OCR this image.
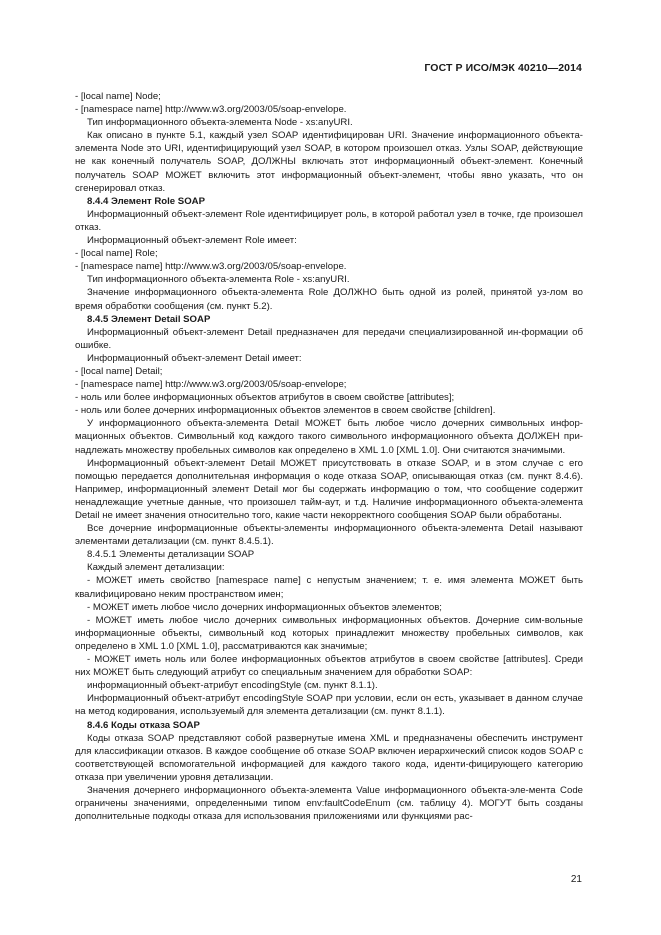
ГОСТ Р ИСО/МЭК 40210—2014

- [local name] Node;

- [namespace name] http://www.w3.org/2003/05/soap-envelope.

Тип информационного объекта-элемента Node - xs:anyURI.

Как описано в пункте 5.1, каждый узел SOAP идентифицирован URI. Значение информационного объекта-элемента Node это URI, идентифицирующий узел SOAP, в котором произошел отказ. Узлы SOAP, действующие не как конечный получатель SOAP, ДОЛЖНЫ включать этот информационный объект-элемент. Конечный получатель SOAP МОЖЕТ включить этот информационный объект-элемент, чтобы явно указать, что он сгенерировал отказ.

8.4.4 Элемент Role SOAP

Информационный объект-элемент Role идентифицирует роль, в которой работал узел в точке, где произошел отказ.

Информационный объект-элемент Role имеет:

- [local name] Role;

- [namespace name] http://www.w3.org/2003/05/soap-envelope.

Тип информационного объекта-элемента Role - xs:anyURI.

Значение информационного объекта-элемента Role ДОЛЖНО быть одной из ролей, принятой уз-лом во время обработки сообщения (см. пункт 5.2).

8.4.5 Элемент Detail SOAP

Информационный объект-элемент Detail предназначен для передачи специализированной ин-формации об ошибке.

Информационный объект-элемент Detail имеет:

- [local name] Detail;

- [namespace name] http://www.w3.org/2003/05/soap-envelope;

- ноль или более информационных объектов атрибутов в своем свойстве [attributes];

- ноль или более дочерних информационных объектов элементов в своем свойстве [children].

У информационного объекта-элемента Detail МОЖЕТ быть любое число дочерних символьных инфор-мационных объектов. Символьный код каждого такого символьного информационного объекта ДОЛЖЕН при-надлежать множеству пробельных символов как определено в XML 1.0 [XML 1.0]. Они считаются значимыми.

Информационный объект-элемент Detail МОЖЕТ присутствовать в отказе SOAP, и в этом случае с его помощью передается дополнительная информация о коде отказа SOAP, описывающая отказ (см. пункт 8.4.6). Например, информационный элемент Detail мог бы содержать информацию о том, что сообщение содержит ненадлежащие учетные данные, что произошел тайм-аут, и т.д. Наличие информационного объекта-элемента Detail не имеет значения относительно того, какие части некорректного сообщения SOAP были обработаны.

Все дочерние информационные объекты-элементы информационного объекта-элемента Detail называют элементами детализации (см. пункт 8.4.5.1).

8.4.5.1 Элементы детализации SOAP

Каждый элемент детализации:

- МОЖЕТ иметь свойство [namespace name] с непустым значением; т. е. имя элемента МОЖЕТ быть квалифицировано неким пространством имен;

- МОЖЕТ иметь любое число дочерних информационных объектов элементов;

- МОЖЕТ иметь любое число дочерних символьных информационных объектов. Дочерние сим-вольные информационные объекты, символьный код которых принадлежит множеству пробельных символов, как определено в XML 1.0 [XML 1.0], рассматриваются как значимые;

- МОЖЕТ иметь ноль или более информационных объектов атрибутов в своем свойстве [attributes]. Среди них МОЖЕТ быть следующий атрибут со специальным значением для обработки SOAP:

информационный объект-атрибут encodingStyle (см. пункт 8.1.1).

Информационный объект-атрибут encodingStyle SOAP при условии, если он есть, указывает в данном случае на метод кодирования, используемый для элемента детализации (см. пункт 8.1.1).

8.4.6 Коды отказа SOAP

Коды отказа SOAP представляют собой развернутые имена XML и предназначены обеспечить инструмент для классификации отказов. В каждое сообщение об отказе SOAP включен иерархический список кодов SOAP с соответствующей вспомогательной информацией для каждого такого кода, иденти-фицирующего категорию отказа при увеличении уровня детализации.

Значения дочернего информационного объекта-элемента Value информационного объекта-эле-мента Code ограничены значениями, определенными типом env:faultCodeEnum (см. таблицу 4). МОГУТ быть созданы дополнительные подкоды отказа для использования приложениями или функциями рас-

21
